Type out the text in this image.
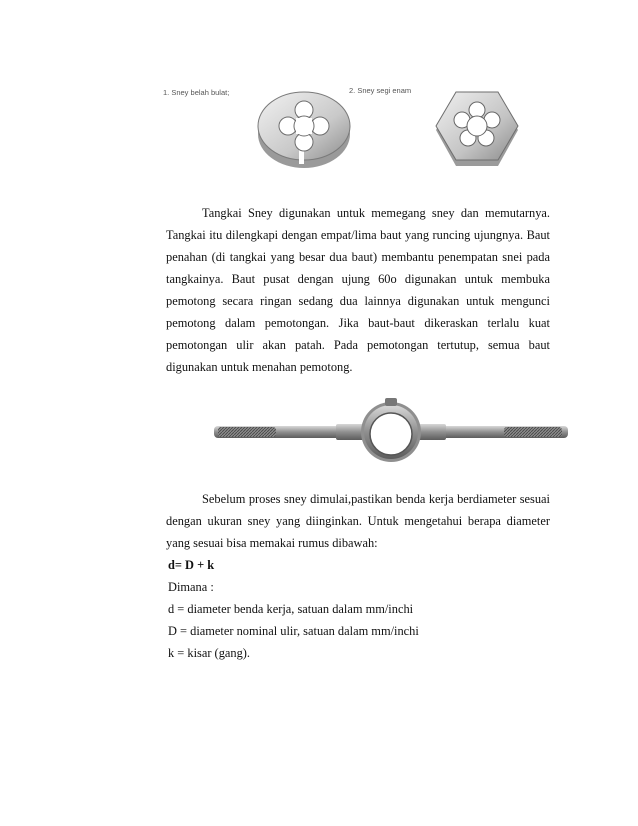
1. Sney belah bulat;	2. Sney segi enam

Tangkai Sney digunakan untuk memegang sney dan memutarnya. Tangkai itu dilengkapi dengan empat/lima baut yang runcing ujungnya. Baut penahan (di tangkai yang besar dua baut) membantu penempatan snei pada tangkainya. Baut pusat dengan ujung 60o digunakan untuk membuka pemotong secara ringan sedang dua lainnya digunakan untuk mengunci pemotong dalam pemotongan. Jika baut-baut dikeraskan terlalu kuat pemotongan ulir akan patah. Pada pemotongan tertutup, semua baut digunakan untuk menahan pemotong.

Sebelum proses sney dimulai,pastikan benda kerja berdiameter sesuai dengan ukuran sney yang diinginkan. Untuk mengetahui berapa diameter yang sesuai bisa memakai rumus dibawah:

d= D + k
Dimana :
d = diameter benda kerja, satuan dalam mm/inchi
D = diameter nominal ulir, satuan dalam mm/inchi
k = kisar (gang).
